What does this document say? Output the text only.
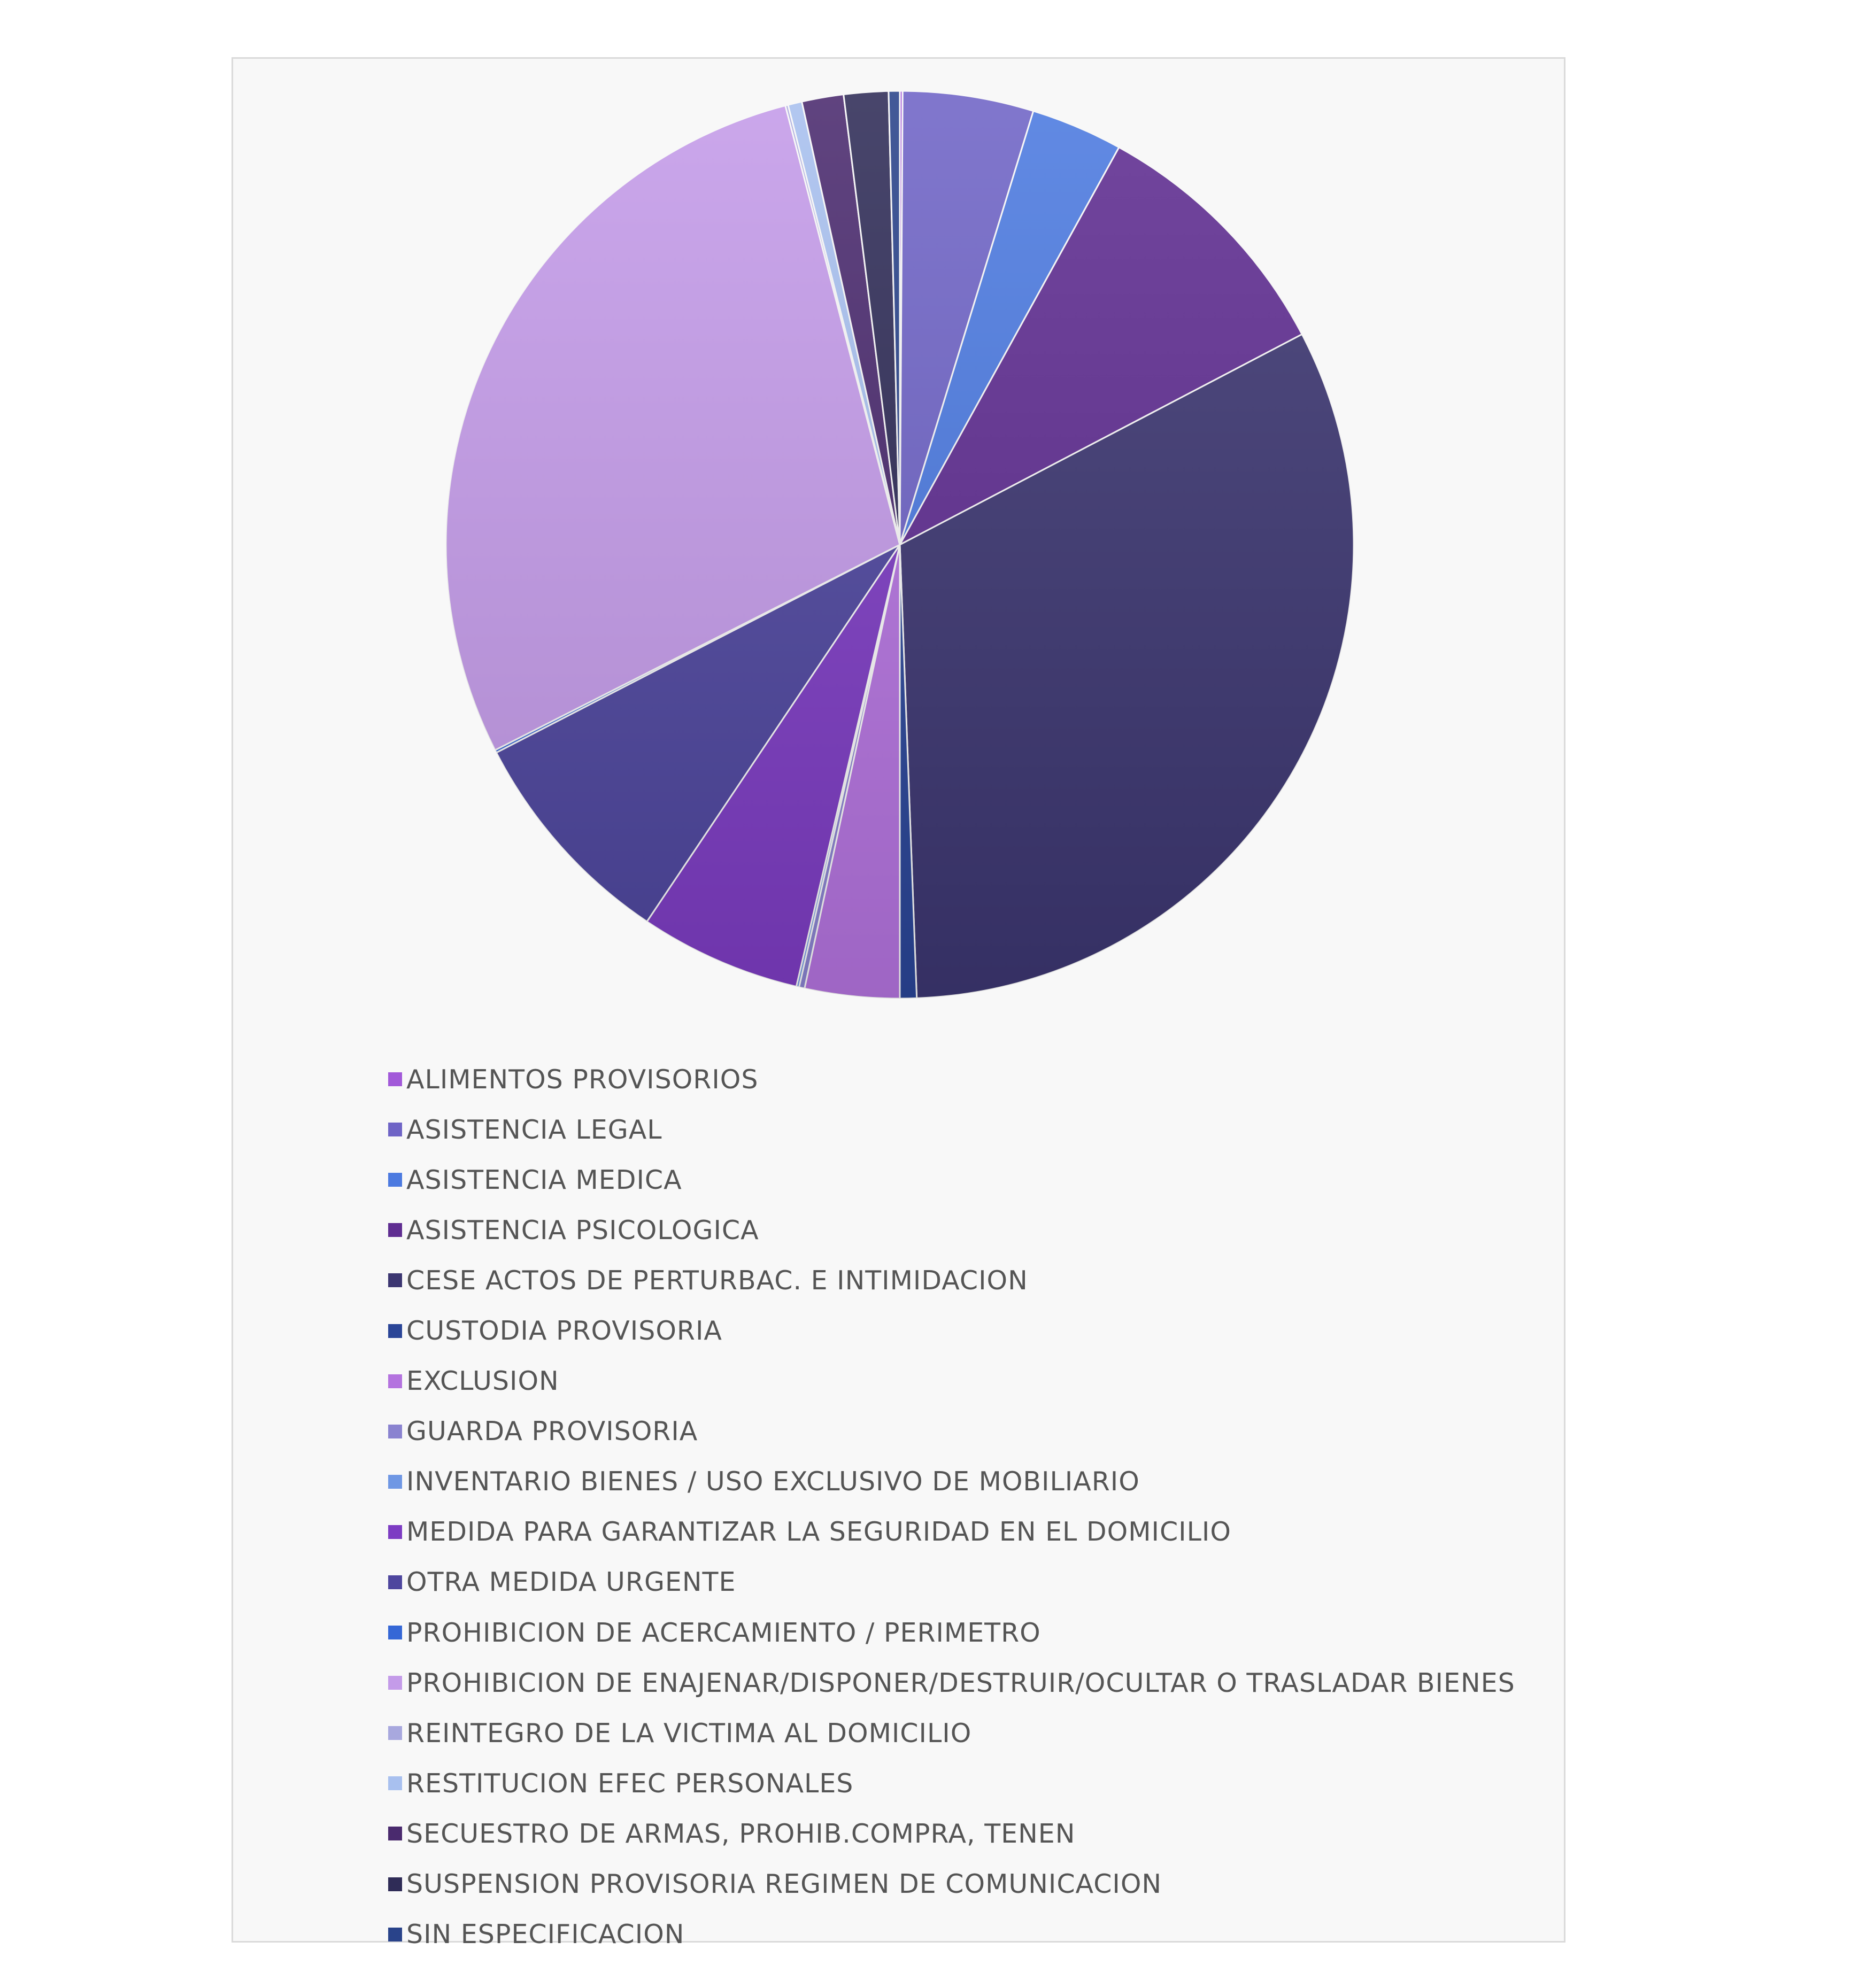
ALIMENTOS PROVISORIOS
ASISTENCIA LEGAL
ASISTENCIA MEDICA
ASISTENCIA PSICOLOGICA
CESE ACTOS DE PERTURBAC. E INTIMIDACION
CUSTODIA PROVISORIA
EXCLUSION
GUARDA PROVISORIA
INVENTARIO BIENES / USO EXCLUSIVO DE MOBILIARIO
MEDIDA PARA GARANTIZAR LA SEGURIDAD EN EL DOMICILIO
OTRA MEDIDA URGENTE
PROHIBICION DE ACERCAMIENTO / PERIMETRO
PROHIBICION DE ENAJENAR/DISPONER/DESTRUIR/OCULTAR O TRASLADAR BIENES
REINTEGRO DE LA VICTIMA AL DOMICILIO
RESTITUCION EFEC PERSONALES
SECUESTRO DE ARMAS, PROHIB.COMPRA, TENEN
SUSPENSION PROVISORIA REGIMEN DE COMUNICACION
SIN ESPECIFICACION
